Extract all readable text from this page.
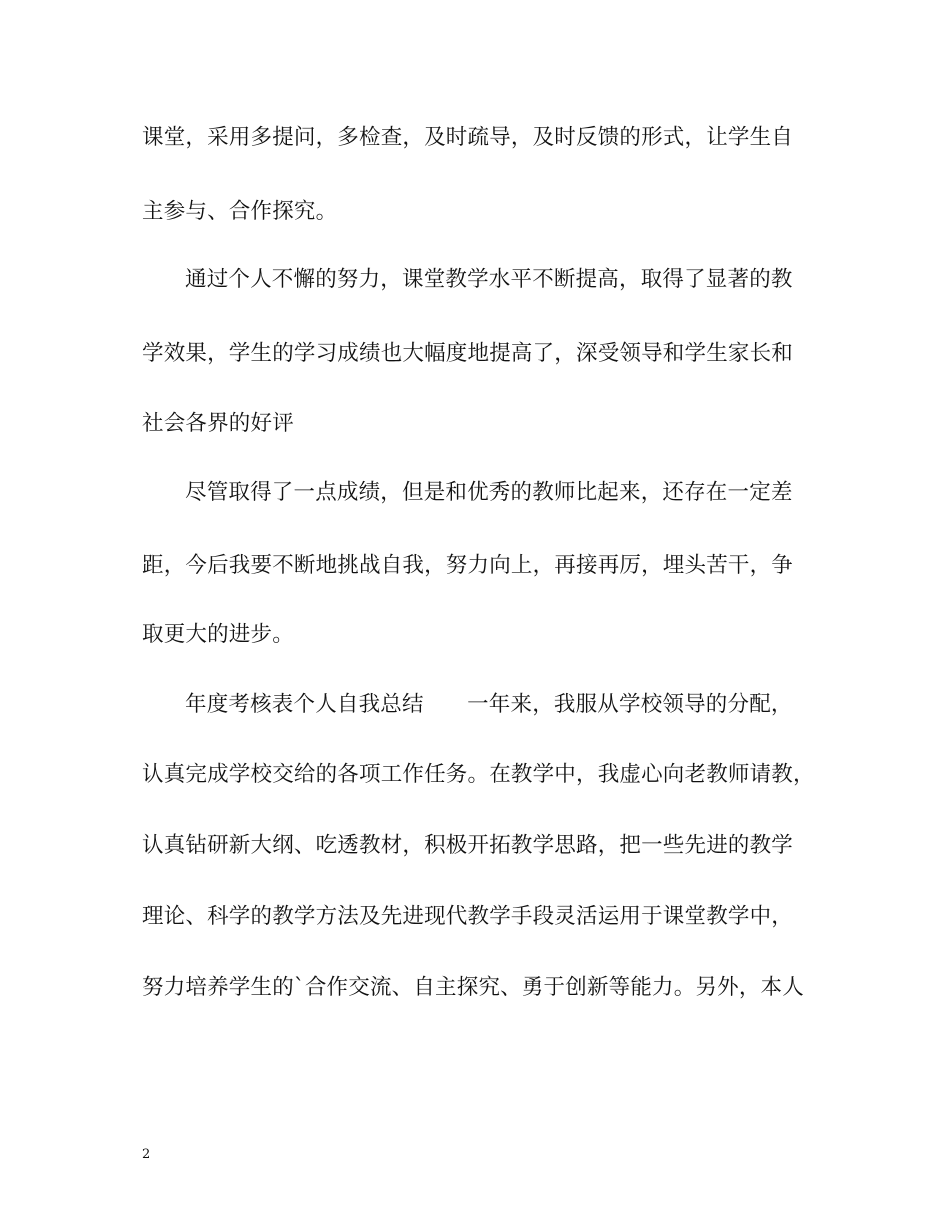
课堂，采用多提问，多检查，及时疏导，及时反馈的形式，让学生自
主参与、合作探究。
通过个人不懈的努力，课堂教学水平不断提高，取得了显著的教
学效果，学生的学习成绩也大幅度地提高了，深受领导和学生家长和
社会各界的好评
尽管取得了一点成绩，但是和优秀的教师比起来，还存在一定差
距，今后我要不断地挑战自我，努力向上，再接再厉，埋头苦干，争
取更大的进步。
年度考核表个人自我总结　　一年来，我服从学校领导的分配，
认真完成学校交给的各项工作任务。在教学中，我虚心向老教师请教，
认真钻研新大纲、吃透教材，积极开拓教学思路，把一些先进的教学
理论、科学的教学方法及先进现代教学手段灵活运用于课堂教学中，
努力培养学生的`合作交流、自主探究、勇于创新等能力。另外，本人
2
